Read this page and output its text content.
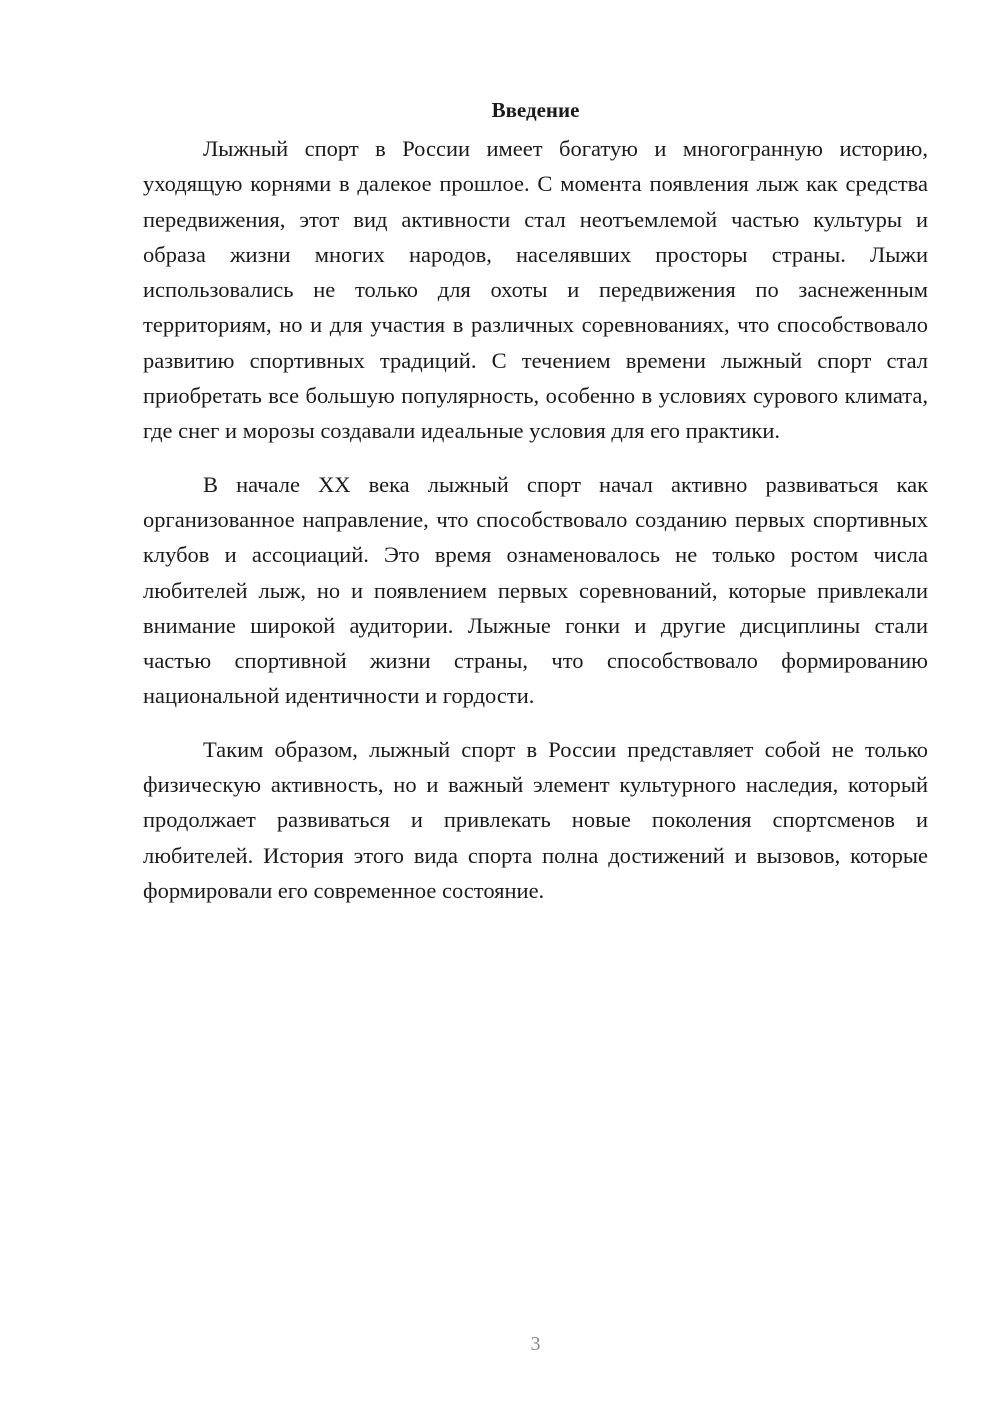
Введение

Лыжный спорт в России имеет богатую и многогранную историю, уходящую корнями в далекое прошлое. С момента появления лыж как средства передвижения, этот вид активности стал неотъемлемой частью культуры и образа жизни многих народов, населявших просторы страны. Лыжи использовались не только для охоты и передвижения по заснеженным территориям, но и для участия в различных соревнованиях, что способствовало развитию спортивных традиций. С течением времени лыжный спорт стал приобретать все большую популярность, особенно в условиях сурового климата, где снег и морозы создавали идеальные условия для его практики.

В начале XX века лыжный спорт начал активно развиваться как организованное направление, что способствовало созданию первых спортивных клубов и ассоциаций. Это время ознаменовалось не только ростом числа любителей лыж, но и появлением первых соревнований, которые привлекали внимание широкой аудитории. Лыжные гонки и другие дисциплины стали частью спортивной жизни страны, что способствовало формированию национальной идентичности и гордости.

Таким образом, лыжный спорт в России представляет собой не только физическую активность, но и важный элемент культурного наследия, который продолжает развиваться и привлекать новые поколения спортсменов и любителей. История этого вида спорта полна достижений и вызовов, которые формировали его современное состояние.

3
